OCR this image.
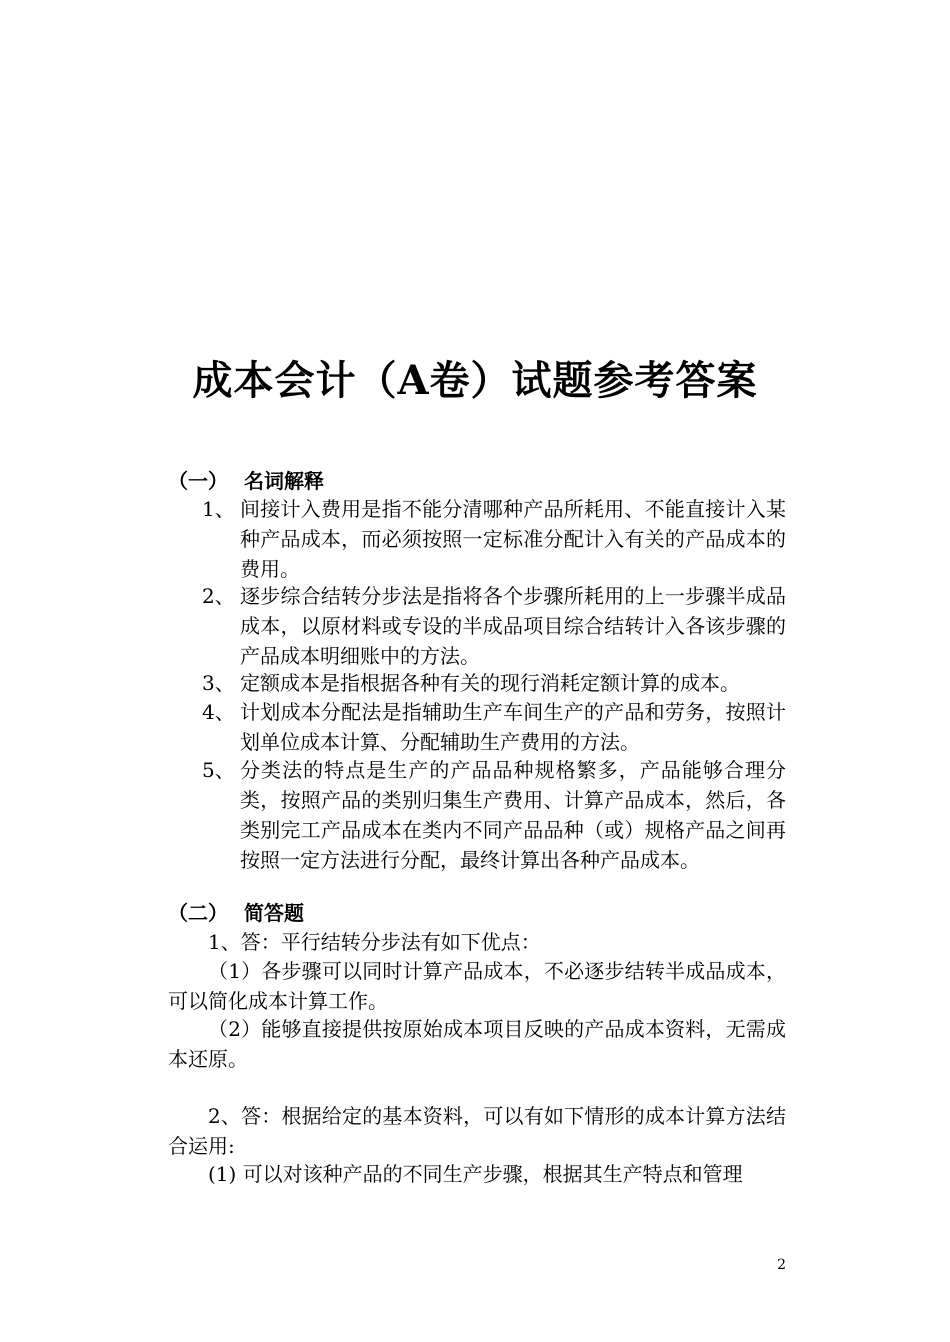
成本会计（A卷）试题参考答案
（一） 名词解释
1、 间接计入费用是指不能分清哪种产品所耗用、不能直接计入某种产品成本，而必须按照一定标准分配计入有关的产品成本的费用。
2、 逐步综合结转分步法是指将各个步骤所耗用的上一步骤半成品成本，以原材料或专设的半成品项目综合结转计入各该步骤的产品成本明细账中的方法。
3、 定额成本是指根据各种有关的现行消耗定额计算的成本。
4、 计划成本分配法是指辅助生产车间生产的产品和劳务，按照计划单位成本计算、分配辅助生产费用的方法。
5、 分类法的特点是生产的产品品种规格繁多，产品能够合理分类，按照产品的类别归集生产费用、计算产品成本，然后，各类别完工产品成本在类内不同产品品种（或）规格产品之间再按照一定方法进行分配，最终计算出各种产品成本。
（二） 简答题

1、答：平行结转分步法有如下优点：

（1）各步骤可以同时计算产品成本，不必逐步结转半成品成本，可以简化成本计算工作。

（2）能够直接提供按原始成本项目反映的产品成本资料，无需成本还原。

2、答：根据给定的基本资料，可以有如下情形的成本计算方法结合运用:

(1) 可以对该种产品的不同生产步骤，根据其生产特点和管理

2
